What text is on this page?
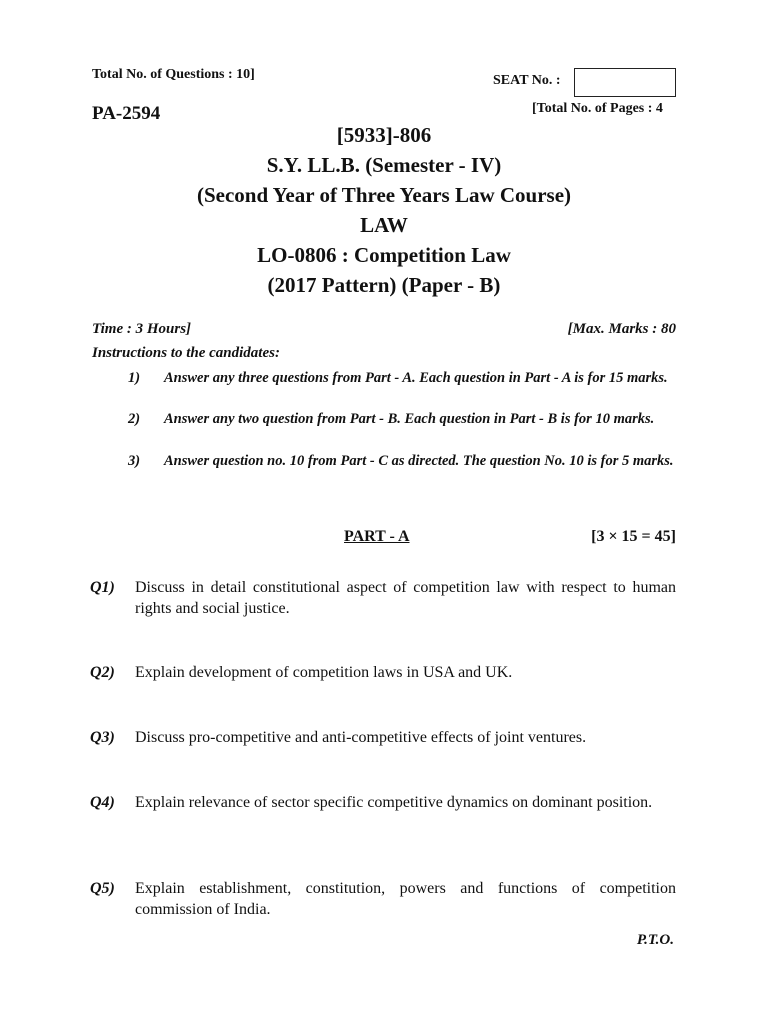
Total No. of Questions : 10]	SEAT No. :
PA-2594	[Total No. of Pages : 4
[5933]-806
S.Y. LL.B. (Semester - IV)
(Second Year of Three Years Law Course)
LAW
LO-0806 : Competition Law
(2017 Pattern) (Paper - B)
Time : 3 Hours]	[Max. Marks : 80
Instructions to the candidates:
1) Answer any three questions from Part - A. Each question in Part - A is for 15 marks.
2) Answer any two question from Part - B. Each question in Part - B is for 10 marks.
3) Answer question no. 10 from Part - C as directed. The question No. 10 is for 5 marks.
PART - A	[3 × 15 = 45]
Q1) Discuss in detail constitutional aspect of competition law with respect to human rights and social justice.
Q2) Explain development of competition laws in USA and UK.
Q3) Discuss pro-competitive and anti-competitive effects of joint ventures.
Q4) Explain relevance of sector specific competitive dynamics on dominant position.
Q5) Explain establishment, constitution, powers and functions of competition commission of India.
P.T.O.
